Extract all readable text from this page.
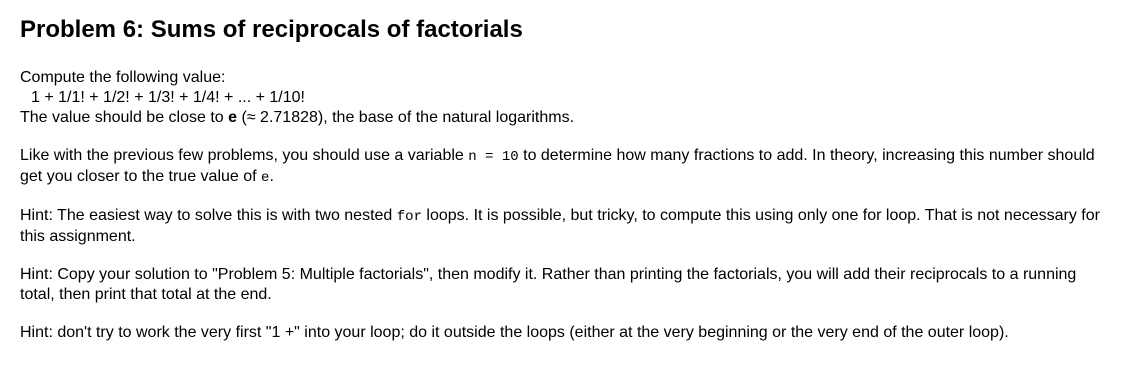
Problem 6: Sums of reciprocals of factorials

Compute the following value:
1 + 1/1! + 1/2! + 1/3! + 1/4! + ... + 1/10!
The value should be close to e (≈ 2.71828), the base of the natural logarithms.

Like with the previous few problems, you should use a variable n = 10 to determine how many fractions to add. In theory, increasing this number should get you closer to the true value of e.

Hint: The easiest way to solve this is with two nested for loops. It is possible, but tricky, to compute this using only one for loop. That is not necessary for this assignment.

Hint: Copy your solution to "Problem 5: Multiple factorials", then modify it. Rather than printing the factorials, you will add their reciprocals to a running total, then print that total at the end.

Hint: don't try to work the very first "1 +" into your loop; do it outside the loops (either at the very beginning or the very end of the outer loop).
